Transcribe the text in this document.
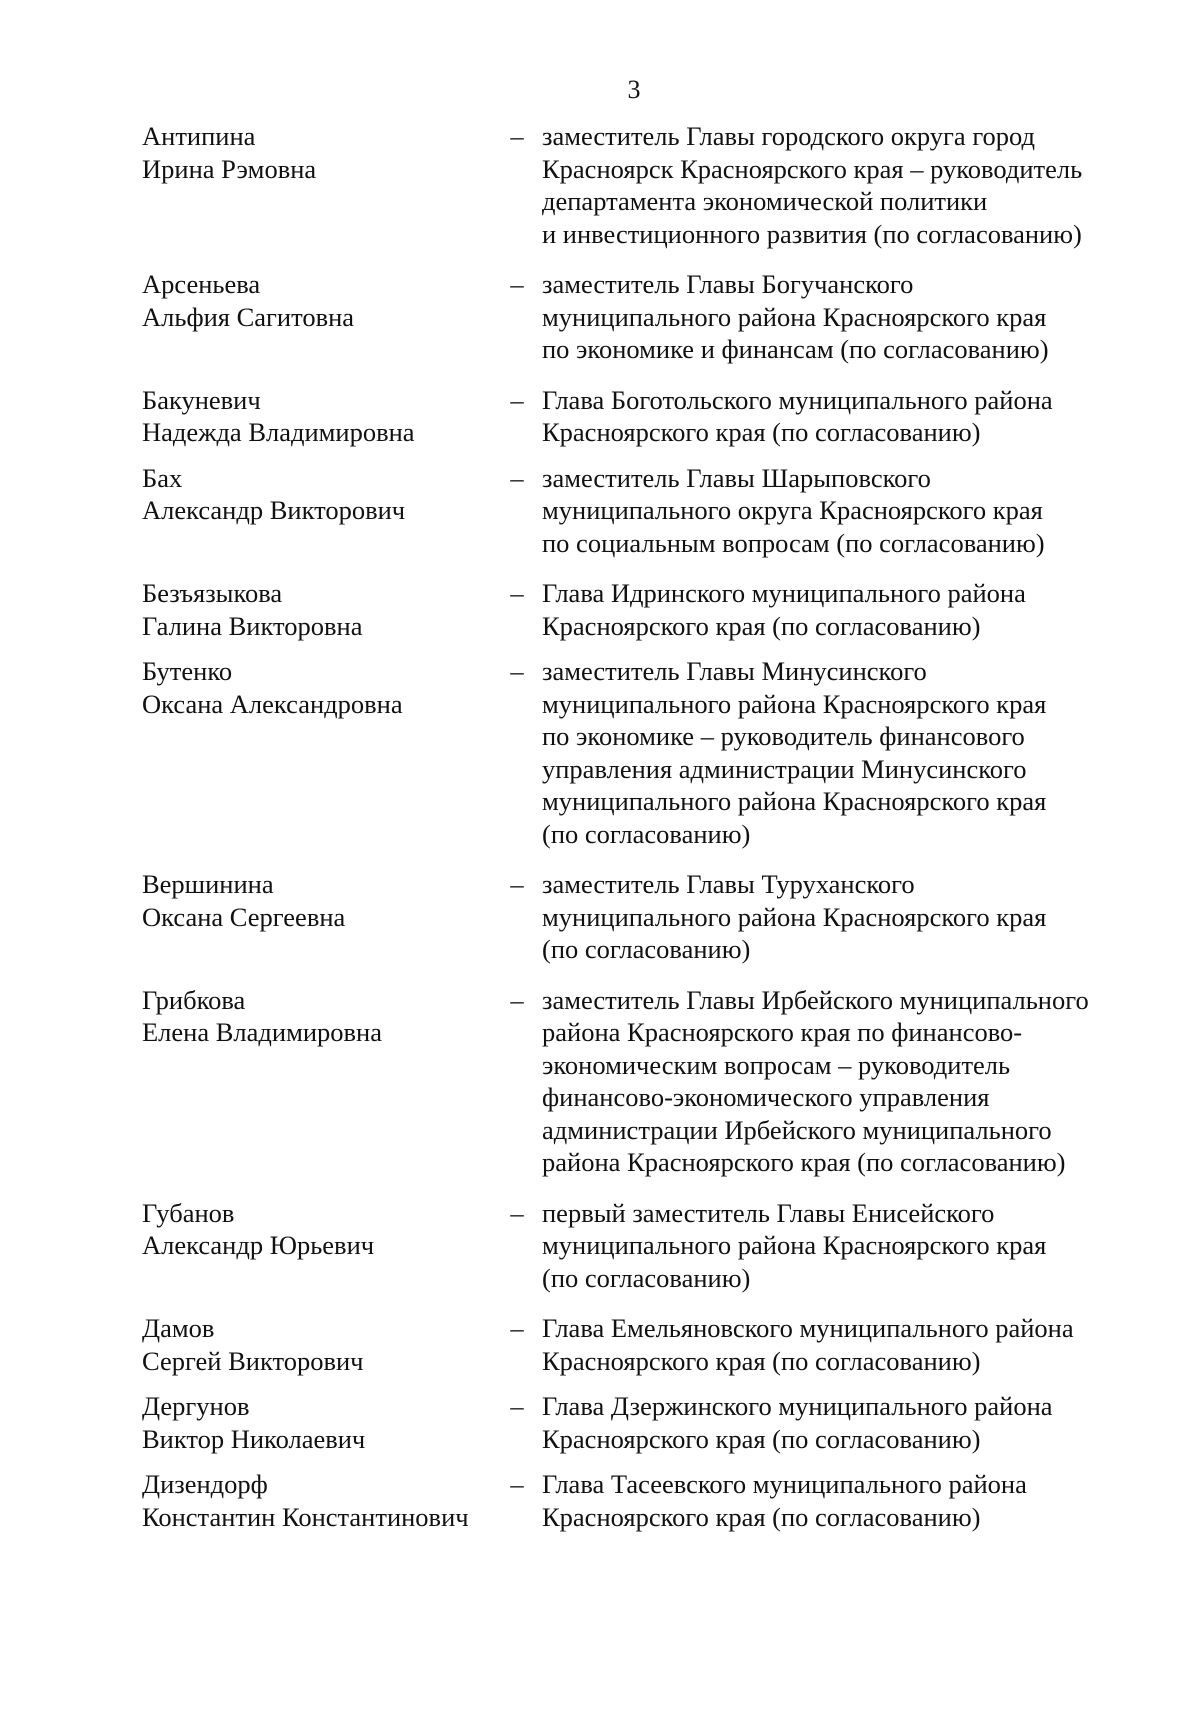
3
Антипина
Ирина Рэмовна
– заместитель Главы городского округа город
Красноярск Красноярского края – руководитель
департамента экономической политики
и инвестиционного развития (по согласованию)
Арсеньева
Альфия Сагитовна
– заместитель Главы Богучанского
муниципального района Красноярского края
по экономике и финансам (по согласованию)
Бакуневич
Надежда Владимировна
– Глава Боготольского муниципального района
Красноярского края (по согласованию)
Бах
Александр Викторович
– заместитель Главы Шарыповского
муниципального округа Красноярского края
по социальным вопросам (по согласованию)
Безъязыкова
Галина Викторовна
– Глава Идринского муниципального района
Красноярского края (по согласованию)
Бутенко
Оксана Александровна
– заместитель Главы Минусинского
муниципального района Красноярского края
по экономике – руководитель финансового
управления администрации Минусинского
муниципального района Красноярского края
(по согласованию)
Вершинина
Оксана Сергеевна
– заместитель Главы Туруханского
муниципального района Красноярского края
(по согласованию)
Грибкова
Елена Владимировна
– заместитель Главы Ирбейского муниципального
района Красноярского края по финансово-
экономическим вопросам – руководитель
финансово-экономического управления
администрации Ирбейского муниципального
района Красноярского края (по согласованию)
Губанов
Александр Юрьевич
– первый заместитель Главы Енисейского
муниципального района Красноярского края
(по согласованию)
Дамов
Сергей Викторович
– Глава Емельяновского муниципального района
Красноярского края (по согласованию)
Дергунов
Виктор Николаевич
– Глава Дзержинского муниципального района
Красноярского края (по согласованию)
Дизендорф
Константин Константинович
– Глава Тасеевского муниципального района
Красноярского края (по согласованию)
